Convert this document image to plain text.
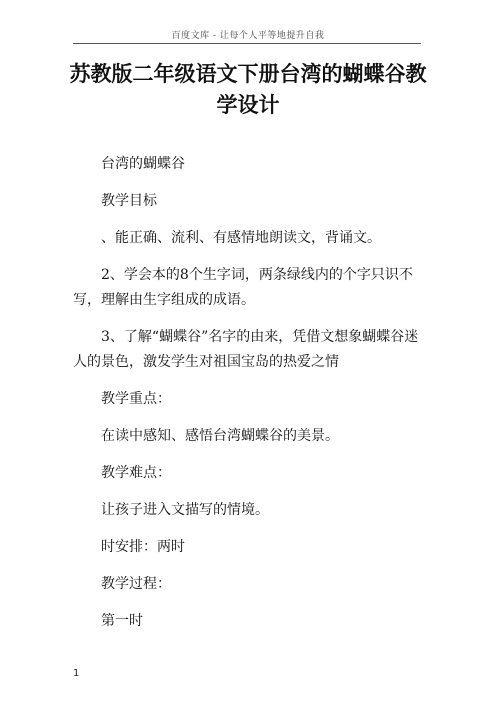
百度文库 - 让每个人平等地提升自我
苏教版二年级语文下册台湾的蝴蝶谷教学设计

台湾的蝴蝶谷

教学目标

、能正确、流利、有感情地朗读文，背诵文。

2、学会本的8个生字词，两条绿线内的个字只识不写，理解由生字组成的成语。

3、了解“蝴蝶谷”名字的由来，凭借文想象蝴蝶谷迷人的景色，激发学生对祖国宝岛的热爱之情

教学重点：

在读中感知、感悟台湾蝴蝶谷的美景。

教学难点：

让孩子进入文描写的情境。

时安排：两时

教学过程：

第一时

1
